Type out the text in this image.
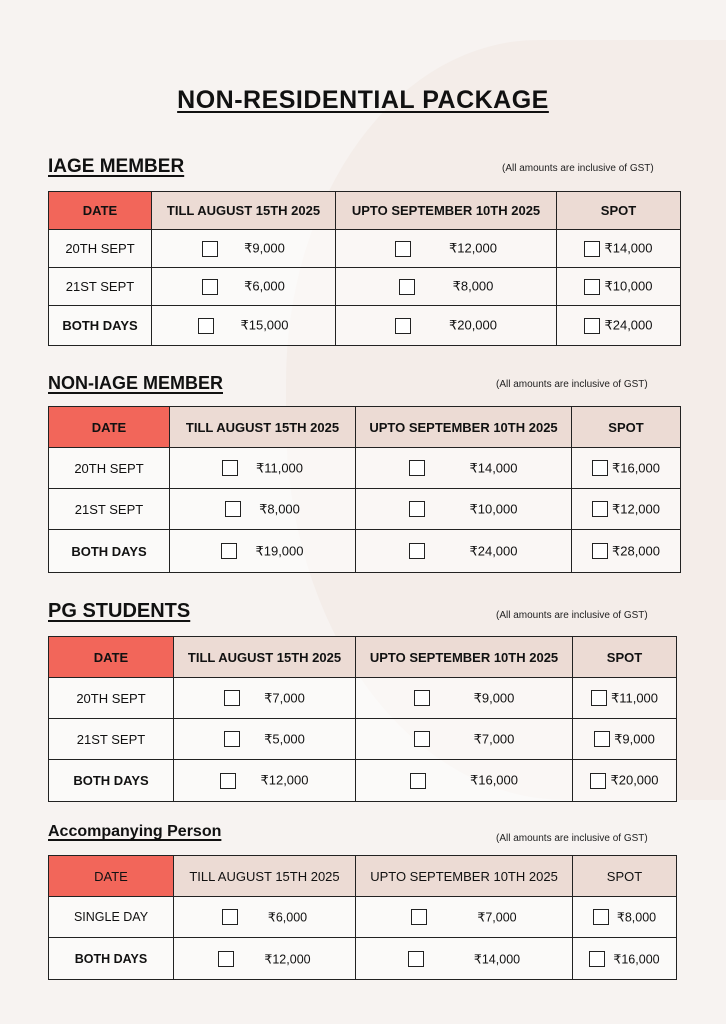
NON-RESIDENTIAL PACKAGE
IAGE MEMBER	(All amounts are inclusive of GST)
DATE	TILL AUGUST 15TH 2025	UPTO SEPTEMBER 10TH 2025	SPOT
20TH SEPT	₹9,000	₹12,000	₹14,000
21ST SEPT	₹6,000	₹8,000	₹10,000
BOTH DAYS	₹15,000	₹20,000	₹24,000
NON-IAGE MEMBER	(All amounts are inclusive of GST)
DATE	TILL AUGUST 15TH 2025	UPTO SEPTEMBER 10TH 2025	SPOT
20TH SEPT	₹11,000	₹14,000	₹16,000
21ST SEPT	₹8,000	₹10,000	₹12,000
BOTH DAYS	₹19,000	₹24,000	₹28,000
PG STUDENTS	(All amounts are inclusive of GST)
DATE	TILL AUGUST 15TH 2025	UPTO SEPTEMBER 10TH 2025	SPOT
20TH SEPT	₹7,000	₹9,000	₹11,000
21ST SEPT	₹5,000	₹7,000	₹9,000
BOTH DAYS	₹12,000	₹16,000	₹20,000
Accompanying Person	(All amounts are inclusive of GST)
DATE	TILL AUGUST 15TH 2025	UPTO SEPTEMBER 10TH 2025	SPOT
SINGLE DAY	₹6,000	₹7,000	₹8,000
BOTH DAYS	₹12,000	₹14,000	₹16,000
